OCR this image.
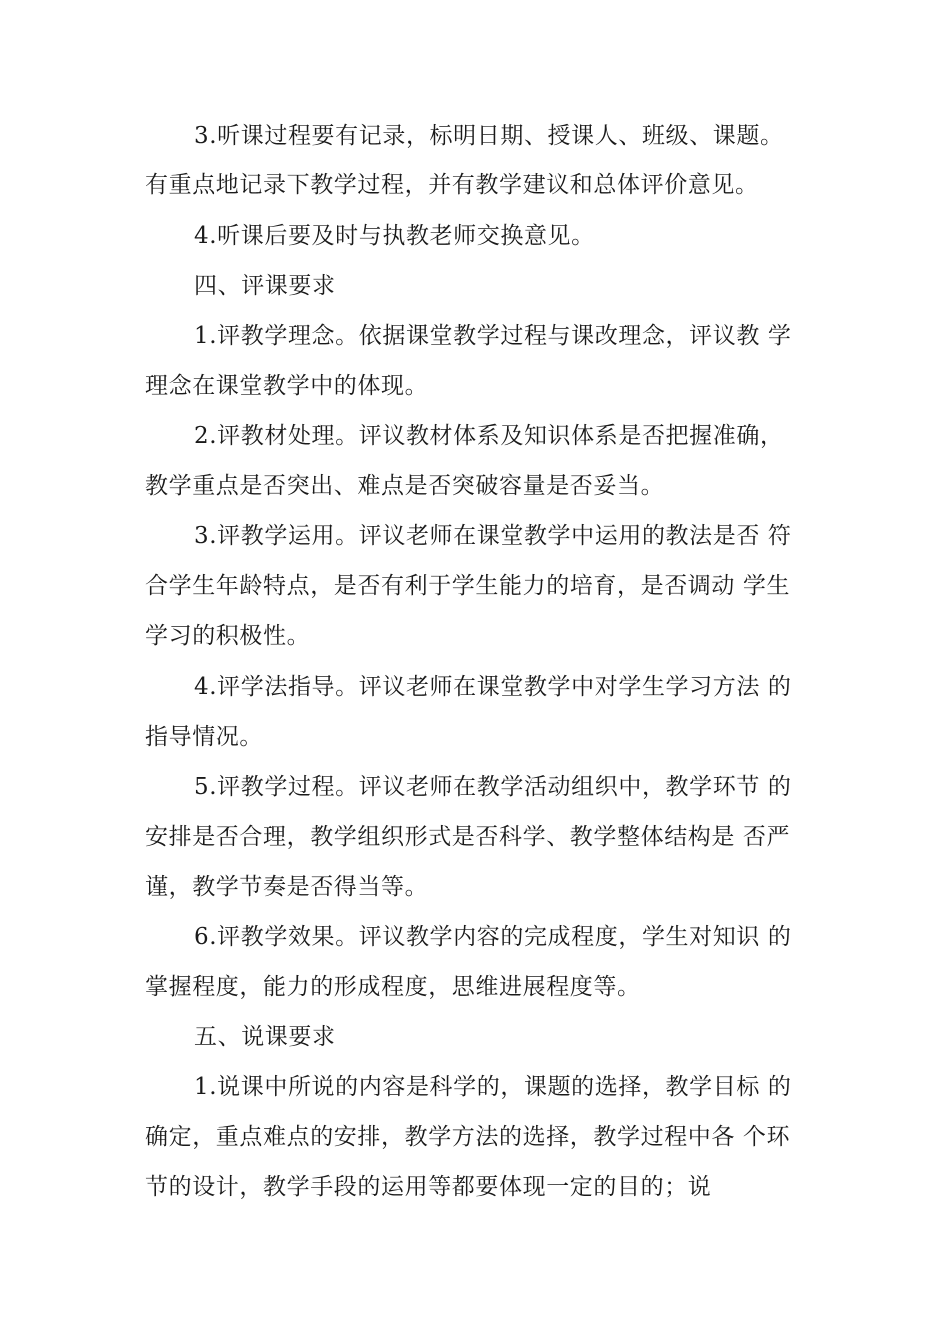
3.听课过程要有记录，标明日期、授课人、班级、课题。
有重点地记录下教学过程，并有教学建议和总体评价意见。
4.听课后要及时与执教老师交换意见。
四、评课要求
1.评教学理念。依据课堂教学过程与课改理念，评议教 学
理念在课堂教学中的体现。
2.评教材处理。评议教材体系及知识体系是否把握准确，
教学重点是否突出、难点是否突破容量是否妥当。
3.评教学运用。评议老师在课堂教学中运用的教法是否 符
合学生年龄特点，是否有利于学生能力的培育，是否调动 学生
学习的积极性。
4.评学法指导。评议老师在课堂教学中对学生学习方法 的
指导情况。
5.评教学过程。评议老师在教学活动组织中，教学环节 的
安排是否合理，教学组织形式是否科学、教学整体结构是 否严
谨，教学节奏是否得当等。
6.评教学效果。评议教学内容的完成程度，学生对知识 的
掌握程度，能力的形成程度，思维进展程度等。
五、说课要求
1.说课中所说的内容是科学的，课题的选择，教学目标 的
确定，重点难点的安排，教学方法的选择，教学过程中各 个环
节的设计，教学手段的运用等都要体现一定的目的；说
